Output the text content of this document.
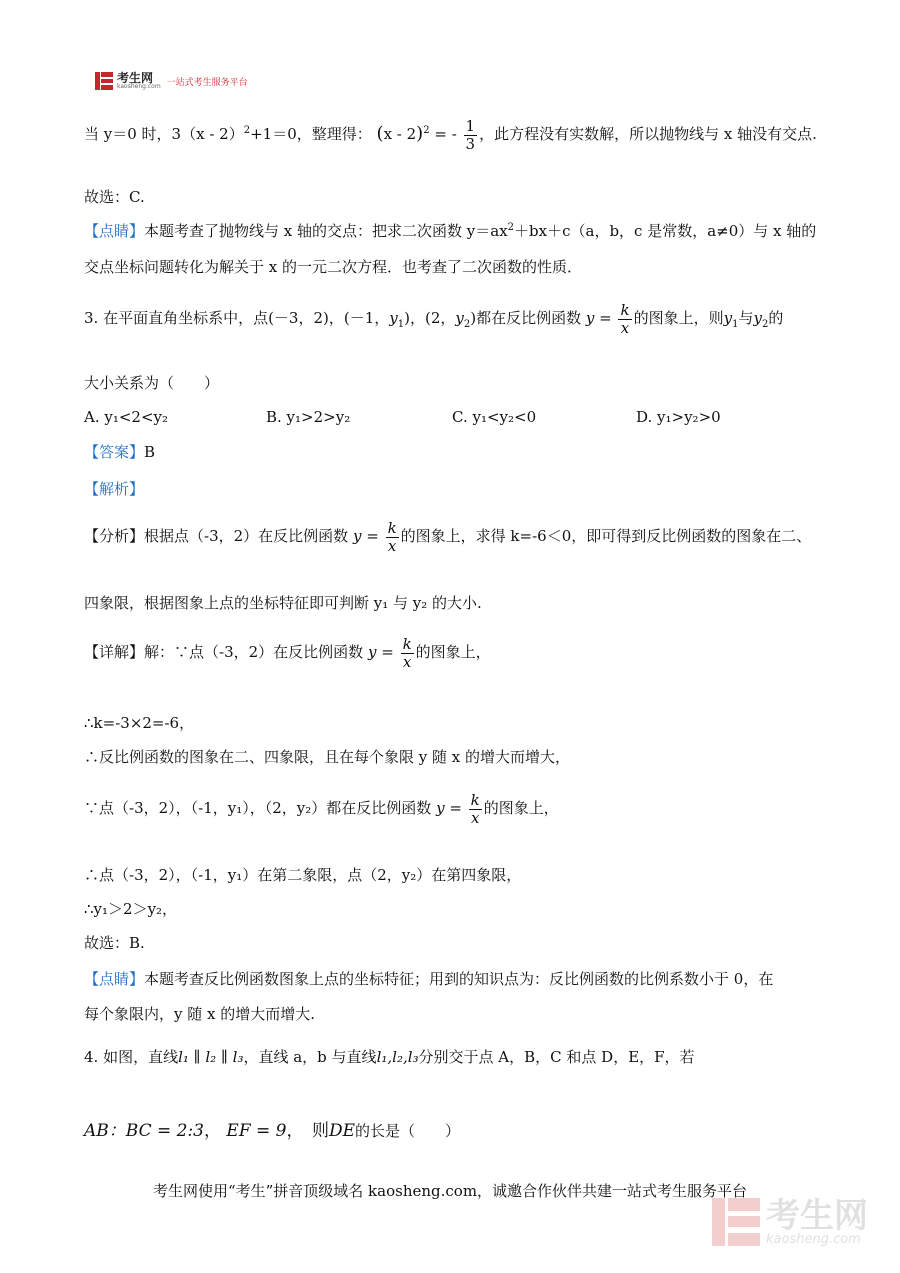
考生网
kaosheng.com 一站式考生服务平台
当 y＝0 时，3（x - 2）$^2$+1＝0，整理得： (x - 2)$^2$ = - $\frac{1}{3}$ ，此方程没有实数解，所以抛物线与 x 轴没有交点.
故选：C.
【点睛】本题考查了抛物线与 x 轴的交点：把求二次函数 $y=ax^2+bx+c(a$，b，c 是常数，a≠0）与 x 轴的
交点坐标问题转化为解关于 x 的一元二次方程．也考查了二次函数的性质．
3. 在平面直角坐标系中，点(－3，2)，(－1，$y_1$)，(2，$y_2$)都在反比例函数 $y = \frac{k}{x}$ 的图象上，则$y_1$与$y_2$的
大小关系为（　　）
A. y₁<2<y₂	B. y₁>2>y₂	C. y₁<y₂<0	D. y₁>y₂>0
【答案】B
【解析】
【分析】根据点（-3，2）在反比例函数 $y = \frac{k}{x}$ 的图象上，求得 k=-6＜0，即可得到反比例函数的图象在二、
四象限，根据图象上点的坐标特征即可判断 y₁ 与 y₂ 的大小.
【详解】解：∵点（-3，2）在反比例函数 $y = \frac{k}{x}$ 的图象上，
∴k=-3×2=-6，
∴反比例函数的图象在二、四象限，且在每个象限 y 随 x 的增大而增大，
∵点（-3，2），（-1，y₁），（2，y₂）都在反比例函数 $y = \frac{k}{x}$ 的图象上，
∴点（-3，2），（-1，y₁）在第二象限，点（2，y₂）在第四象限，
∴y₁＞2＞y₂，
故选：B.
【点睛】本题考查反比例函数图象上点的坐标特征；用到的知识点为：反比例函数的比例系数小于 0，在
每个象限内，y 随 x 的增大而增大.
4. 如图，直线l₁ ∥ l₂ ∥ l₃，直线 a，b 与直线l₁,l₂,l₃分别交于点 A，B，C 和点 D，E，F，若
AB：BC = 2:3， EF = 9，　则DE的长是（　　）
考生网使用“考生”拼音顶级域名 kaosheng.com，诚邀合作伙伴共建一站式考生服务平台
考生网
kaosheng.com
